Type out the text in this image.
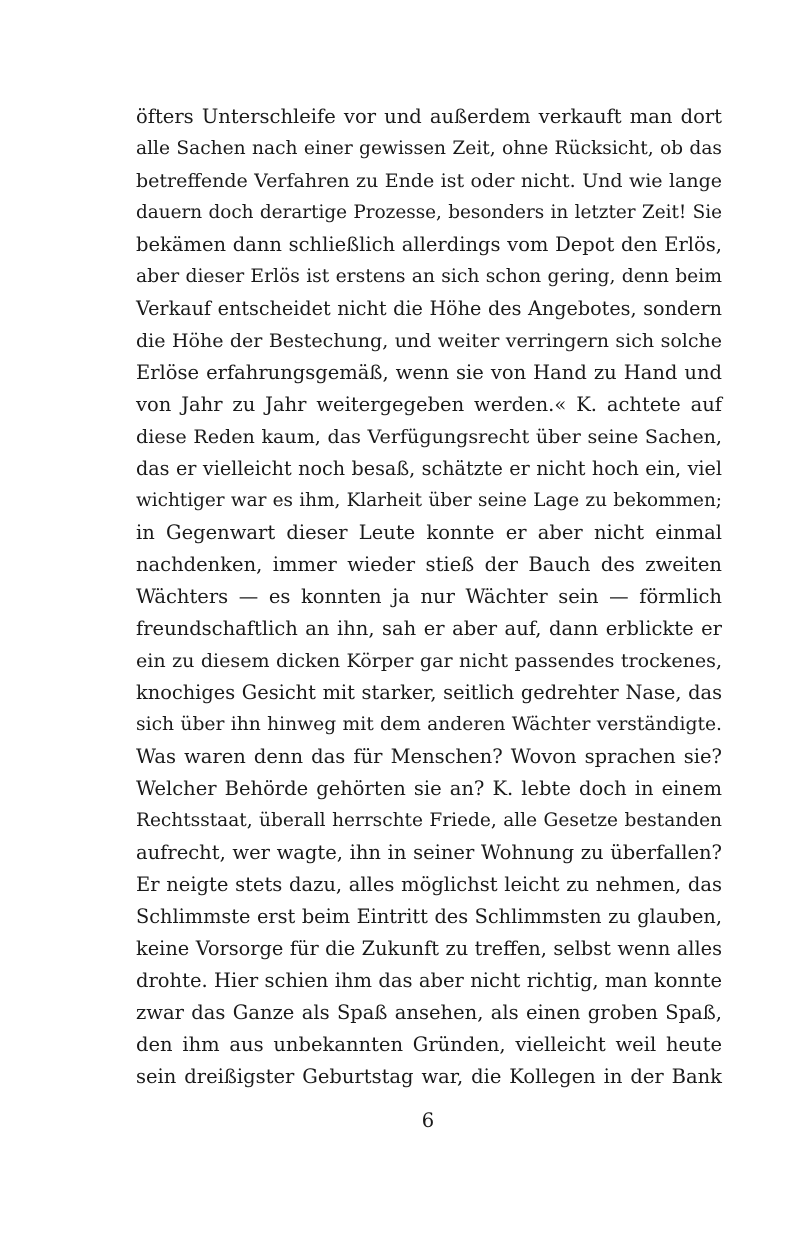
öfters Unterschleife vor und außerdem verkauft man dort
alle Sachen nach einer gewissen Zeit, ohne Rücksicht, ob das
betreffende Verfahren zu Ende ist oder nicht. Und wie lange
dauern doch derartige Prozesse, besonders in letzter Zeit! Sie
bekämen dann schließlich allerdings vom Depot den Erlös,
aber dieser Erlös ist erstens an sich schon gering, denn beim
Verkauf entscheidet nicht die Höhe des Angebotes, sondern
die Höhe der Bestechung, und weiter verringern sich solche
Erlöse erfahrungsgemäß, wenn sie von Hand zu Hand und
von Jahr zu Jahr weitergegeben werden.« K. achtete auf
diese Reden kaum, das Verfügungsrecht über seine Sachen,
das er vielleicht noch besaß, schätzte er nicht hoch ein, viel
wichtiger war es ihm, Klarheit über seine Lage zu bekommen;
in Gegenwart dieser Leute konnte er aber nicht einmal
nachdenken, immer wieder stieß der Bauch des zweiten
Wächters — es konnten ja nur Wächter sein — förmlich
freundschaftlich an ihn, sah er aber auf, dann erblickte er
ein zu diesem dicken Körper gar nicht passendes trockenes,
knochiges Gesicht mit starker, seitlich gedrehter Nase, das
sich über ihn hinweg mit dem anderen Wächter verständigte.
Was waren denn das für Menschen? Wovon sprachen sie?
Welcher Behörde gehörten sie an? K. lebte doch in einem
Rechtsstaat, überall herrschte Friede, alle Gesetze bestanden
aufrecht, wer wagte, ihn in seiner Wohnung zu überfallen?
Er neigte stets dazu, alles möglichst leicht zu nehmen, das
Schlimmste erst beim Eintritt des Schlimmsten zu glauben,
keine Vorsorge für die Zukunft zu treffen, selbst wenn alles
drohte. Hier schien ihm das aber nicht richtig, man konnte
zwar das Ganze als Spaß ansehen, als einen groben Spaß,
den ihm aus unbekannten Gründen, vielleicht weil heute
sein dreißigster Geburtstag war, die Kollegen in der Bank
6
